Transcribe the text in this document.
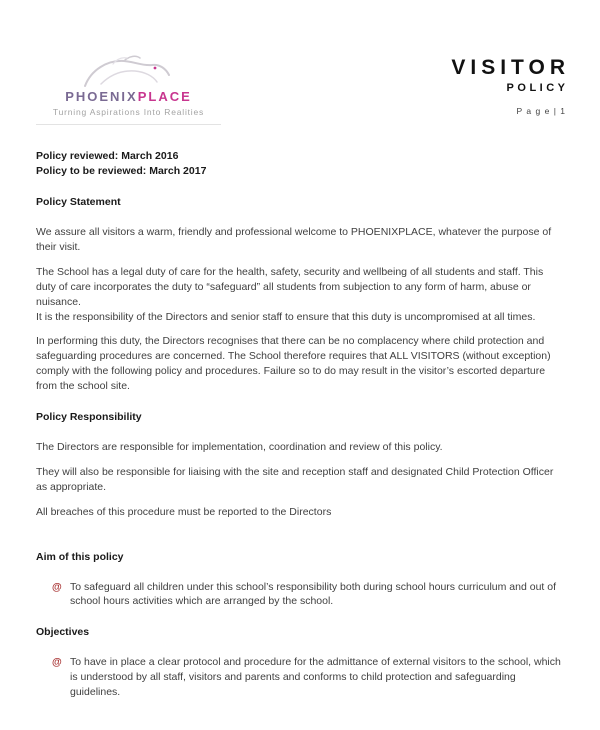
PHOENIXPLACE
Turning Aspirations Into Realities
VISITOR
POLICY
P a g e | 1

Policy reviewed: March 2016

Policy to be reviewed: March 2017

Policy Statement

We assure all visitors a warm, friendly and professional welcome to PHOENIXPLACE, whatever the purpose of their visit.

The School has a legal duty of care for the health, safety, security and wellbeing of all students and staff. This duty of care incorporates the duty to “safeguard” all students from subjection to any form of harm, abuse or nuisance.

It is the responsibility of the Directors and senior staff to ensure that this duty is uncompromised at all times.

In performing this duty, the Directors recognises that there can be no complacency where child protection and safeguarding procedures are concerned. The School therefore requires that ALL VISITORS (without exception) comply with the following policy and procedures. Failure so to do may result in the visitor’s escorted departure from the school site.

Policy Responsibility

The Directors are responsible for implementation, coordination and review of this policy.

They will also be responsible for liaising with the site and reception staff and designated Child Protection Officer as appropriate.

All breaches of this procedure must be reported to the Directors

Aim of this policy

@ To safeguard all children under this school’s responsibility both during school hours curriculum and out of school hours activities which are arranged by the school.

Objectives

@ To have in place a clear protocol and procedure for the admittance of external visitors to the school, which is understood by all staff, visitors and parents and conforms to child protection and safeguarding guidelines.
